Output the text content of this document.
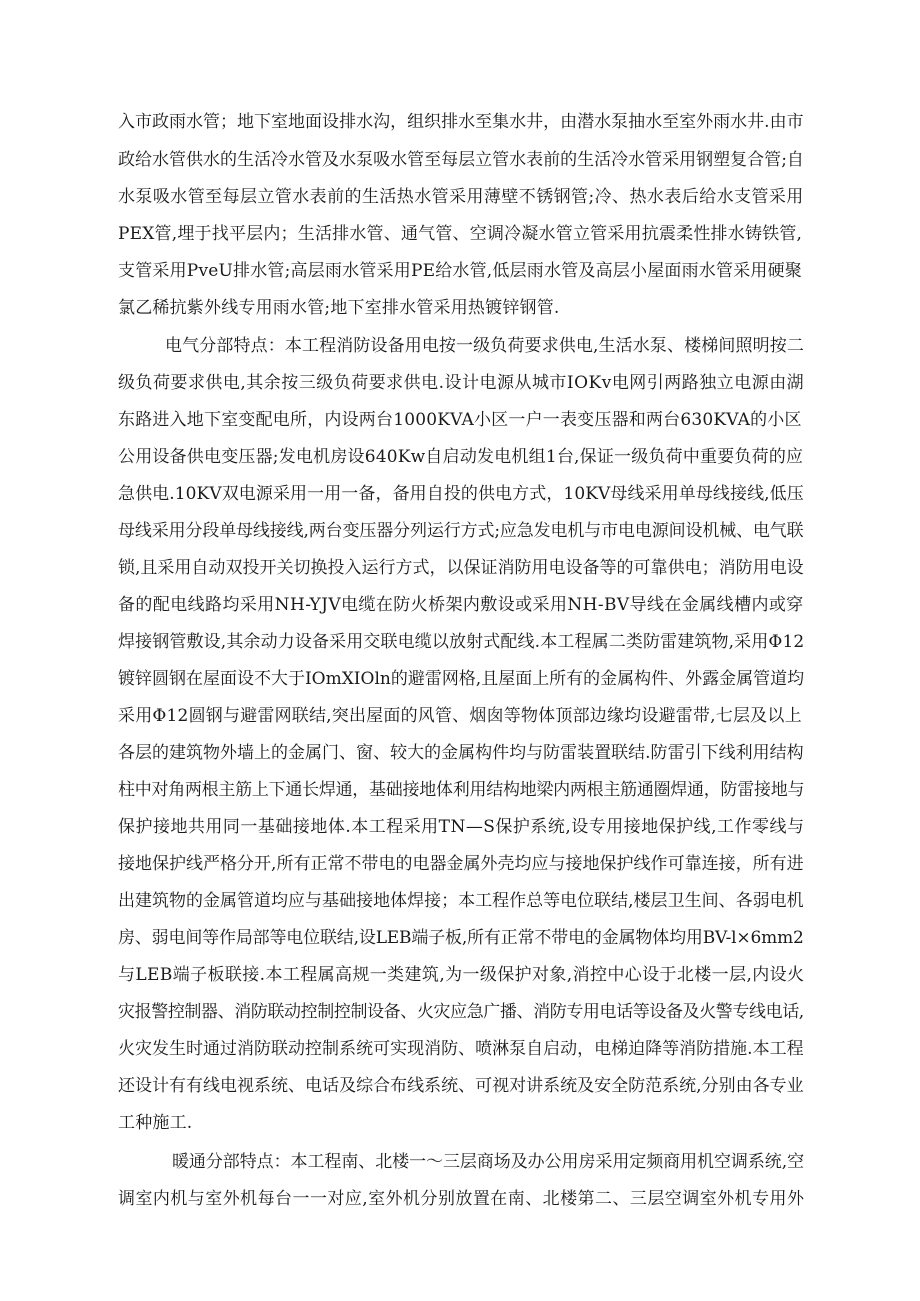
入市政雨水管；地下室地面设排水沟，组织排水至集水井，由潜水泵抽水至室外雨水井.由市
政给水管供水的生活冷水管及水泵吸水管至每层立管水表前的生活冷水管采用钢塑复合管;自
水泵吸水管至每层立管水表前的生活热水管采用薄壁不锈钢管;冷、热水表后给水支管采用
PEX管,埋于找平层内；生活排水管、通气管、空调冷凝水管立管采用抗震柔性排水铸铁管,
支管采用PveU排水管;高层雨水管采用PE给水管,低层雨水管及高层小屋面雨水管采用硬聚
氯乙稀抗紫外线专用雨水管;地下室排水管采用热镀锌钢管.
电气分部特点：本工程消防设备用电按一级负荷要求供电,生活水泵、楼梯间照明按二
级负荷要求供电,其余按三级负荷要求供电.设计电源从城市IOKv电网引两路独立电源由湖
东路进入地下室变配电所，内设两台1000KVA小区一户一表变压器和两台630KVA的小区
公用设备供电变压器;发电机房设640Kw自启动发电机组1台,保证一级负荷中重要负荷的应
急供电.10KV双电源采用一用一备，备用自投的供电方式，10KV母线采用单母线接线,低压
母线采用分段单母线接线,两台变压器分列运行方式;应急发电机与市电电源间设机械、电气联
锁,且采用自动双投开关切换投入运行方式，以保证消防用电设备等的可靠供电；消防用电设
备的配电线路均采用NH-YJV电缆在防火桥架内敷设或采用NH-BV导线在金属线槽内或穿
焊接钢管敷设,其余动力设备采用交联电缆以放射式配线.本工程属二类防雷建筑物,采用Φ12
镀锌圆钢在屋面设不大于IOmXIOln的避雷网格,且屋面上所有的金属构件、外露金属管道均
采用Φ12圆钢与避雷网联结,突出屋面的风管、烟囱等物体顶部边缘均设避雷带,七层及以上
各层的建筑物外墙上的金属门、窗、较大的金属构件均与防雷装置联结.防雷引下线利用结构
柱中对角两根主筋上下通长焊通，基础接地体利用结构地梁内两根主筋通圈焊通，防雷接地与
保护接地共用同一基础接地体.本工程采用TN—S保护系统,设专用接地保护线,工作零线与
接地保护线严格分开,所有正常不带电的电器金属外壳均应与接地保护线作可靠连接，所有进
出建筑物的金属管道均应与基础接地体焊接；本工程作总等电位联结,楼层卫生间、各弱电机
房、弱电间等作局部等电位联结,设LEB端子板,所有正常不带电的金属物体均用BV-l×6mm2
与LEB端子板联接.本工程属高规一类建筑,为一级保护对象,消控中心设于北楼一层,内设火
灾报警控制器、消防联动控制控制设备、火灾应急广播、消防专用电话等设备及火警专线电话,
火灾发生时通过消防联动控制系统可实现消防、喷淋泵自启动，电梯迫降等消防措施.本工程
还设计有有线电视系统、电话及综合布线系统、可视对讲系统及安全防范系统,分别由各专业
工种施工.
暖通分部特点：本工程南、北楼一～三层商场及办公用房采用定频商用机空调系统,空
调室内机与室外机每台一一对应,室外机分别放置在南、北楼第二、三层空调室外机专用外
